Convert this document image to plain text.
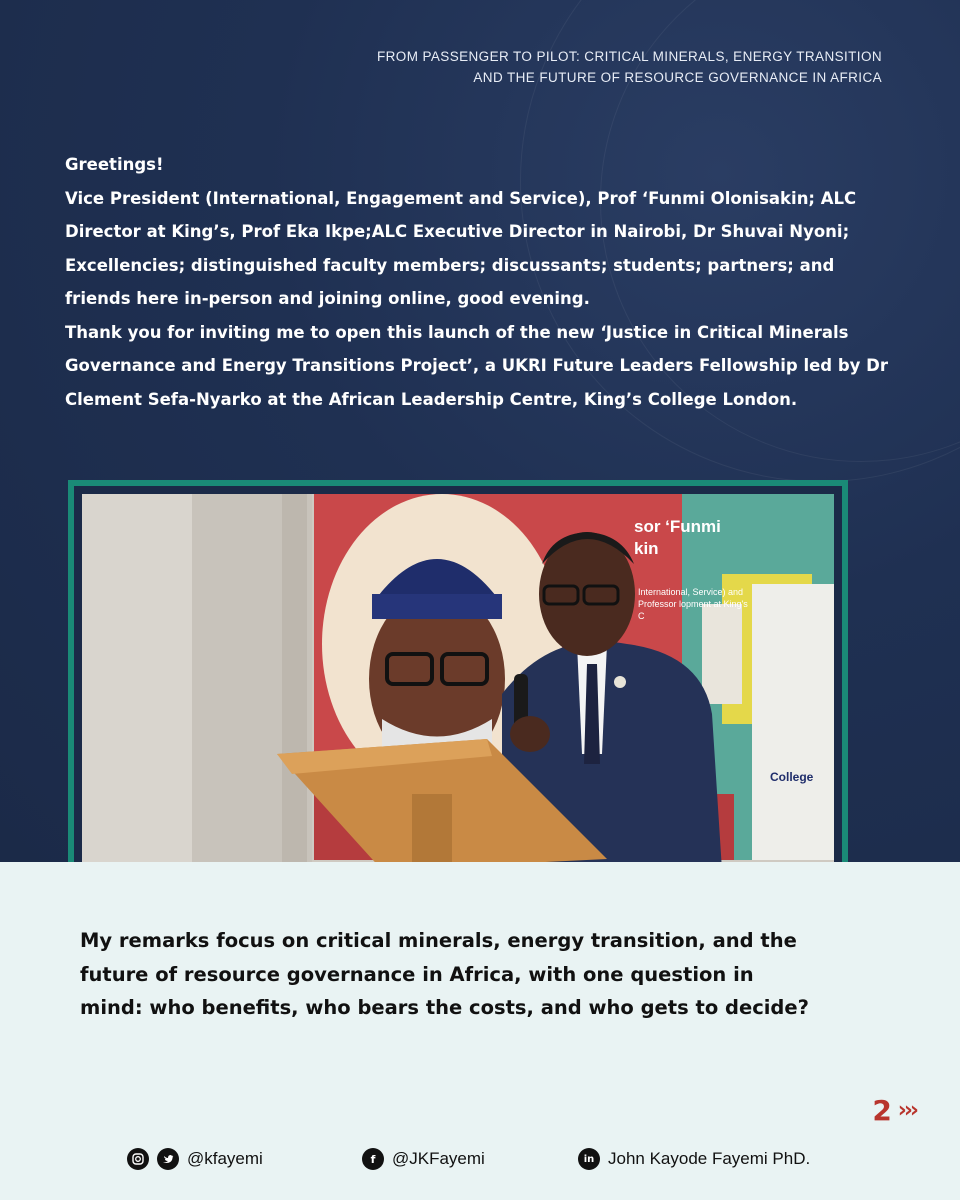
FROM PASSENGER TO PILOT: CRITICAL MINERALS, ENERGY TRANSITION
AND THE FUTURE OF RESOURCE GOVERNANCE IN AFRICA

Greetings!

Vice President (International, Engagement and Service), Prof ‘Funmi Olonisakin; ALC Director at King’s, Prof Eka Ikpe;ALC Executive Director in Nairobi, Dr Shuvai Nyoni; Excellencies; distinguished faculty members; discussants; students; partners; and friends here in-person and joining online, good evening.

Thank you for inviting me to open this launch of the new ‘Justice in Critical Minerals Governance and Energy Transitions Project’, a UKRI Future Leaders Fellowship led by Dr Clement Sefa-Nyarko at the African Leadership Centre, King’s College London.

sor ‘Funmi
kin
International, Service) and Professor lopment at King's C
College
My remarks focus on critical minerals, energy transition, and the future of resource governance in Africa, with one question in mind: who benefits, who bears the costs, and who gets to decide?
2 ›››
@kfayemi	f @JKFayemi	in John Kayode Fayemi PhD.
